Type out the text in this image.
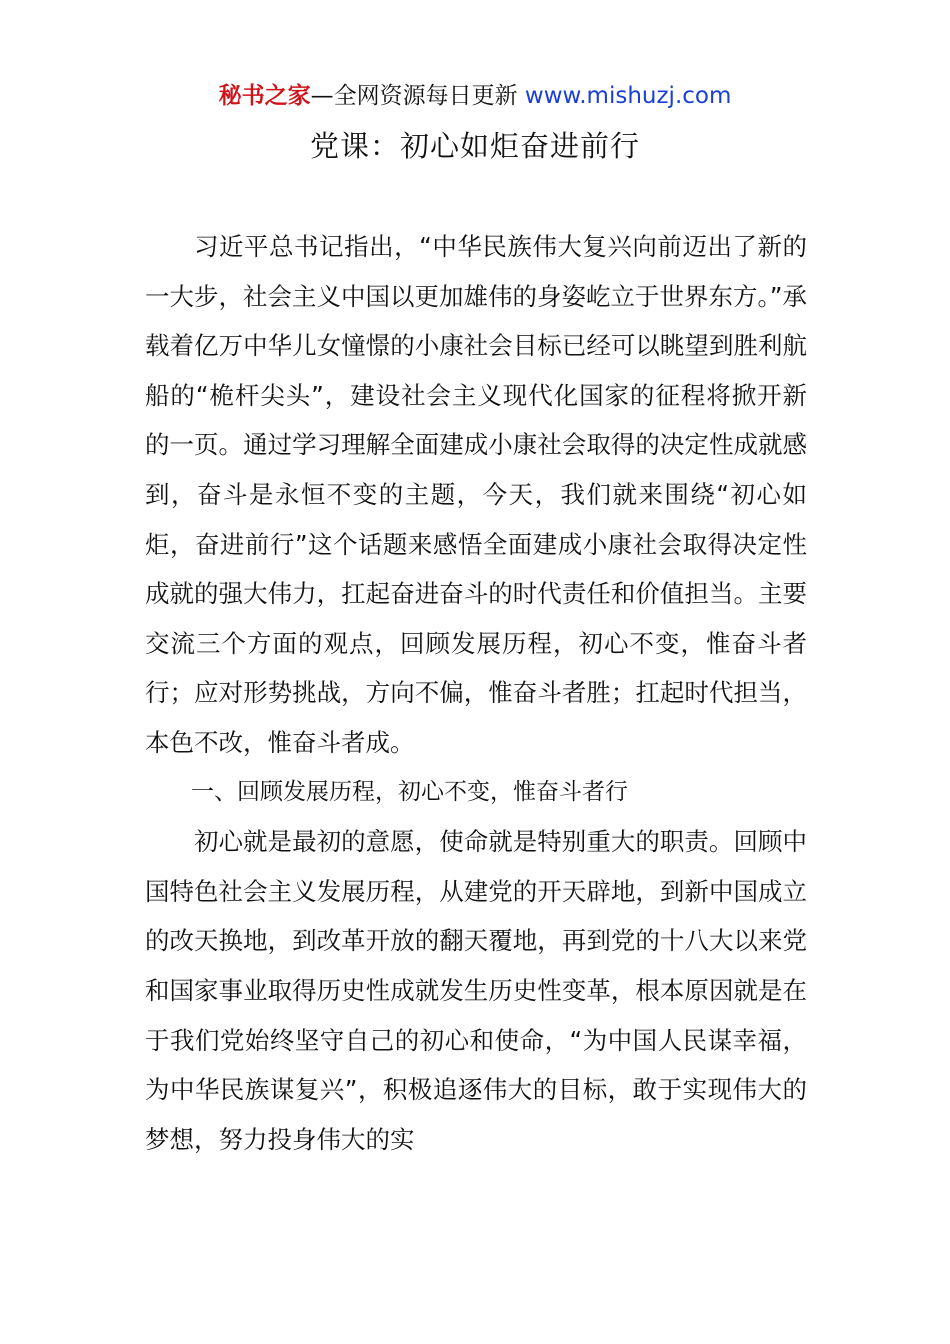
秘书之家—全网资源每日更新 www.mishuzj.com
党课：初心如炬奋进前行

习近平总书记指出，“中华民族伟大复兴向前迈出了新的一大步，社会主义中国以更加雄伟的身姿屹立于世界东方。”承载着亿万中华儿女憧憬的小康社会目标已经可以眺望到胜利航船的“桅杆尖头”，建设社会主义现代化国家的征程将掀开新的一页。通过学习理解全面建成小康社会取得的决定性成就感到，奋斗是永恒不变的主题，今天，我们就来围绕“初心如炬，奋进前行”这个话题来感悟全面建成小康社会取得决定性成就的强大伟力，扛起奋进奋斗的时代责任和价值担当。主要交流三个方面的观点，回顾发展历程，初心不变，惟奋斗者行；应对形势挑战，方向不偏，惟奋斗者胜；扛起时代担当，本色不改，惟奋斗者成。

一、回顾发展历程，初心不变，惟奋斗者行

初心就是最初的意愿，使命就是特别重大的职责。回顾中国特色社会主义发展历程，从建党的开天辟地，到新中国成立的改天换地，到改革开放的翻天覆地，再到党的十八大以来党和国家事业取得历史性成就发生历史性变革，根本原因就是在于我们党始终坚守自己的初心和使命，“为中国人民谋幸福，为中华民族谋复兴”，积极追逐伟大的目标，敢于实现伟大的梦想，努力投身伟大的实
